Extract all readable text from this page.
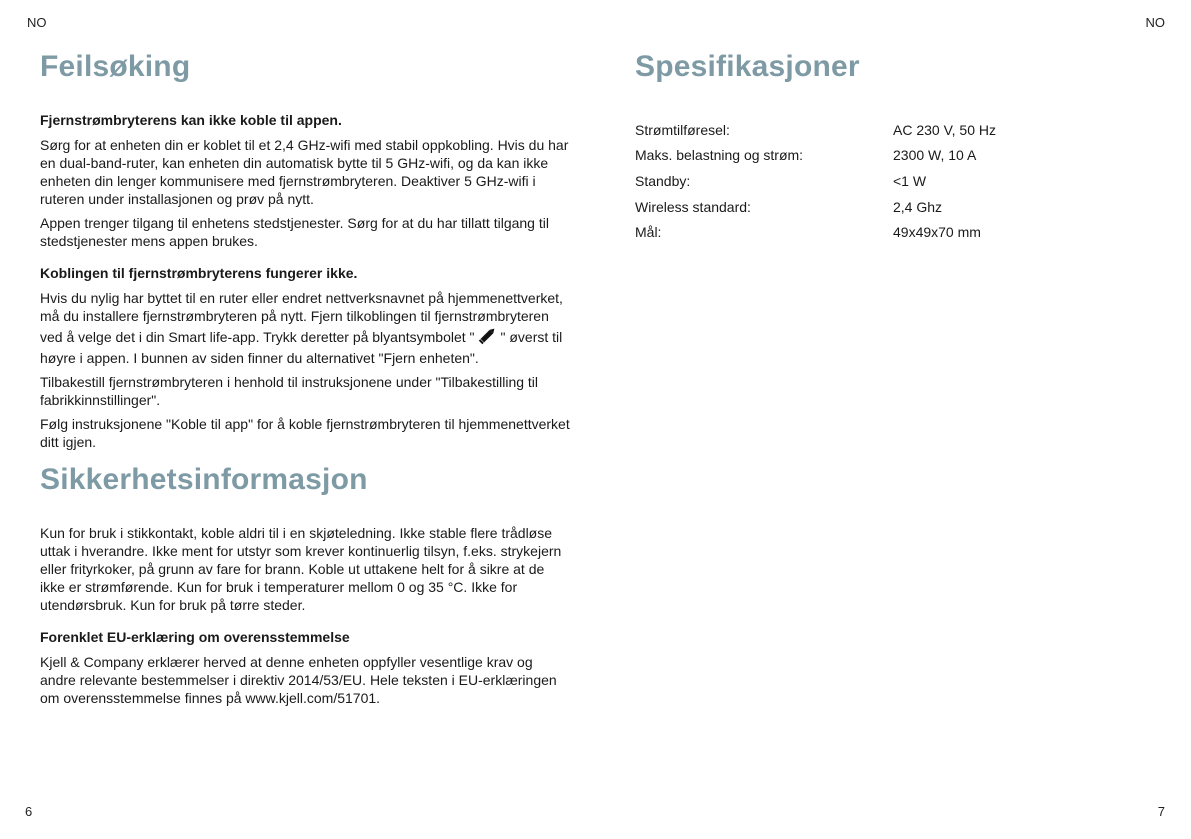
NO	NO
Feilsøking
Fjernstrømbryterens kan ikke koble til appen.

Sørg for at enheten din er koblet til et 2,4 GHz-wifi med stabil oppkobling. Hvis du har en dual-band-ruter, kan enheten din automatisk bytte til 5 GHz-wifi, og da kan ikke enheten din lenger kommunisere med fjernstrømbryteren. Deaktiver 5 GHz-wifi i ruteren under installasjonen og prøv på nytt.

Appen trenger tilgang til enhetens stedstjenester. Sørg for at du har tillatt tilgang til stedstjenester mens appen brukes.

Koblingen til fjernstrømbryterens fungerer ikke.

Hvis du nylig har byttet til en ruter eller endret nettverksnavnet på hjemmenettverket, må du installere fjernstrømbryteren på nytt. Fjern tilkoblingen til fjernstrømbryteren ved å velge det i din Smart life-app. Trykk deretter på blyantsymbolet " " øverst til høyre i appen. I bunnen av siden finner du alternativet "Fjern enheten".

Tilbakestill fjernstrømbryteren i henhold til instruksjonene under "Tilbakestilling til fabrikkinnstillinger".

Følg instruksjonene "Koble til app" for å koble fjernstrømbryteren til hjemmenettverket ditt igjen.

Sikkerhetsinformasjon

Kun for bruk i stikkontakt, koble aldri til i en skjøteledning. Ikke stable flere trådløse uttak i hverandre. Ikke ment for utstyr som krever kontinuerlig tilsyn, f.eks. strykejern eller frityrkoker, på grunn av fare for brann. Koble ut uttakene helt for å sikre at de ikke er strømførende. Kun for bruk i temperaturer mellom 0 og 35 °C. Ikke for utendørsbruk. Kun for bruk på tørre steder.

Forenklet EU-erklæring om overensstemmelse

Kjell & Company erklærer herved at denne enheten oppfyller vesentlige krav og andre relevante bestemmelser i direktiv 2014/53/EU. Hele teksten i EU-erklæringen om overensstemmelse finnes på www.kjell.com/51701.

Spesifikasjoner
Strømtilføresel:	AC 230 V, 50 Hz
Maks. belastning og strøm:	2300 W, 10 A
Standby:	<1 W
Wireless standard:	2,4 Ghz
Mål:	49x49x70 mm
6	7
